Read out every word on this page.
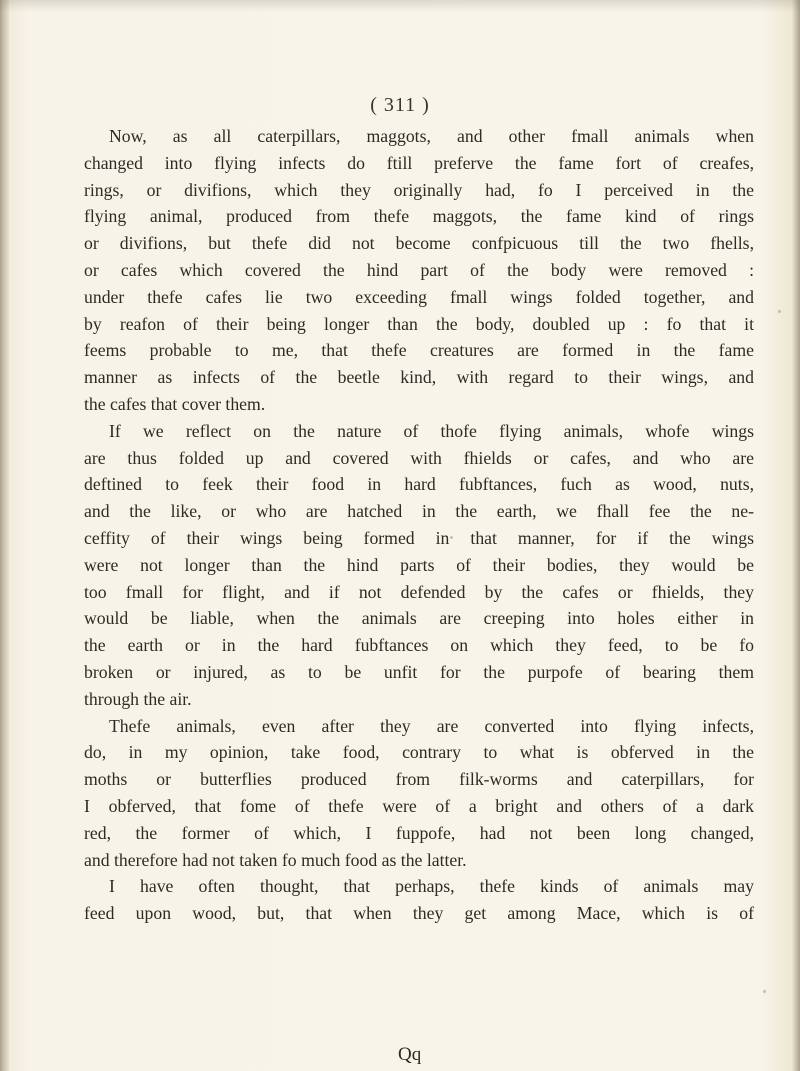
( 311 )
Now, as all caterpillars, maggots, and other fmall animals when
changed into flying infects do ftill preferve the fame fort of creafes,
rings, or divifions, which they originally had, fo I perceived in the
flying animal, produced from thefe maggots, the fame kind of rings
or divifions, but thefe did not become confpicuous till the two fhells,
or cafes which covered the hind part of the body were removed :
under thefe cafes lie two exceeding fmall wings folded together, and
by reafon of their being longer than the body, doubled up : fo that it
feems probable to me, that thefe creatures are formed in the fame
manner as infects of the beetle kind, with regard to their wings, and
the cafes that cover them.
If we reflect on the nature of thofe flying animals, whofe wings
are thus folded up and covered with fhields or cafes, and who are
deftined to feek their food in hard fubftances, fuch as wood, nuts,
and the like, or who are hatched in the earth, we fhall fee the ne-
ceffity of their wings being formed in that manner, for if the wings
were not longer than the hind parts of their bodies, they would be
too fmall for flight, and if not defended by the cafes or fhields, they
would be liable, when the animals are creeping into holes either in
the earth or in the hard fubftances on which they feed, to be fo
broken or injured, as to be unfit for the purpofe of bearing them
through the air.
Thefe animals, even after they are converted into flying infects,
do, in my opinion, take food, contrary to what is obferved in the
moths or butterflies produced from filk-worms and caterpillars, for
I obferved, that fome of thefe were of a bright and others of a dark
red, the former of which, I fuppofe, had not been long changed,
and therefore had not taken fo much food as the latter.
I have often thought, that perhaps, thefe kinds of animals may
feed upon wood, but, that when they get among Mace, which is of
Qq
